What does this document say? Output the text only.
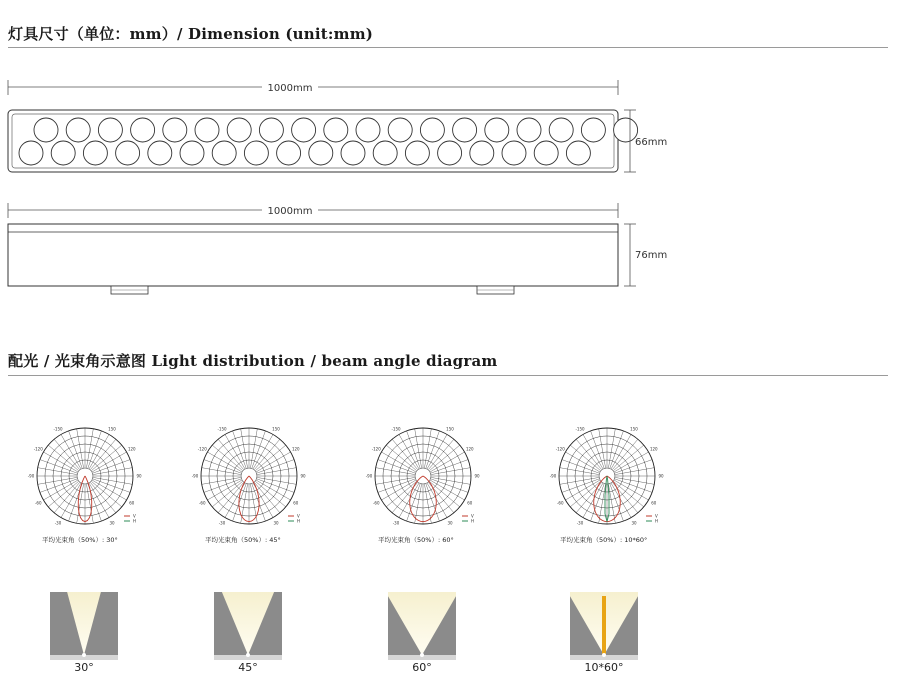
灯具尺寸（单位：mm）/ Dimension (unit:mm)
1000mm
66mm
1000mm
76mm
配光 / 光束角示意图 Light distribution / beam angle diagram
-150
-120
-90
-60
-30
150
120
90
60
30
V
H
-150
-120
-90
-60
-30
150
120
90
60
30
V
H
-150
-120
-90
-60
-30
150
120
90
60
30
V
H
-150
-120
-90
-60
-30
150
120
90
60
30
V
H
平均光束角（50%）: 30°	平均光束角（50%）: 45°	平均光束角（50%）: 60°	平均光束角（50%）: 10*60°
30°	45°	60°	10*60°
